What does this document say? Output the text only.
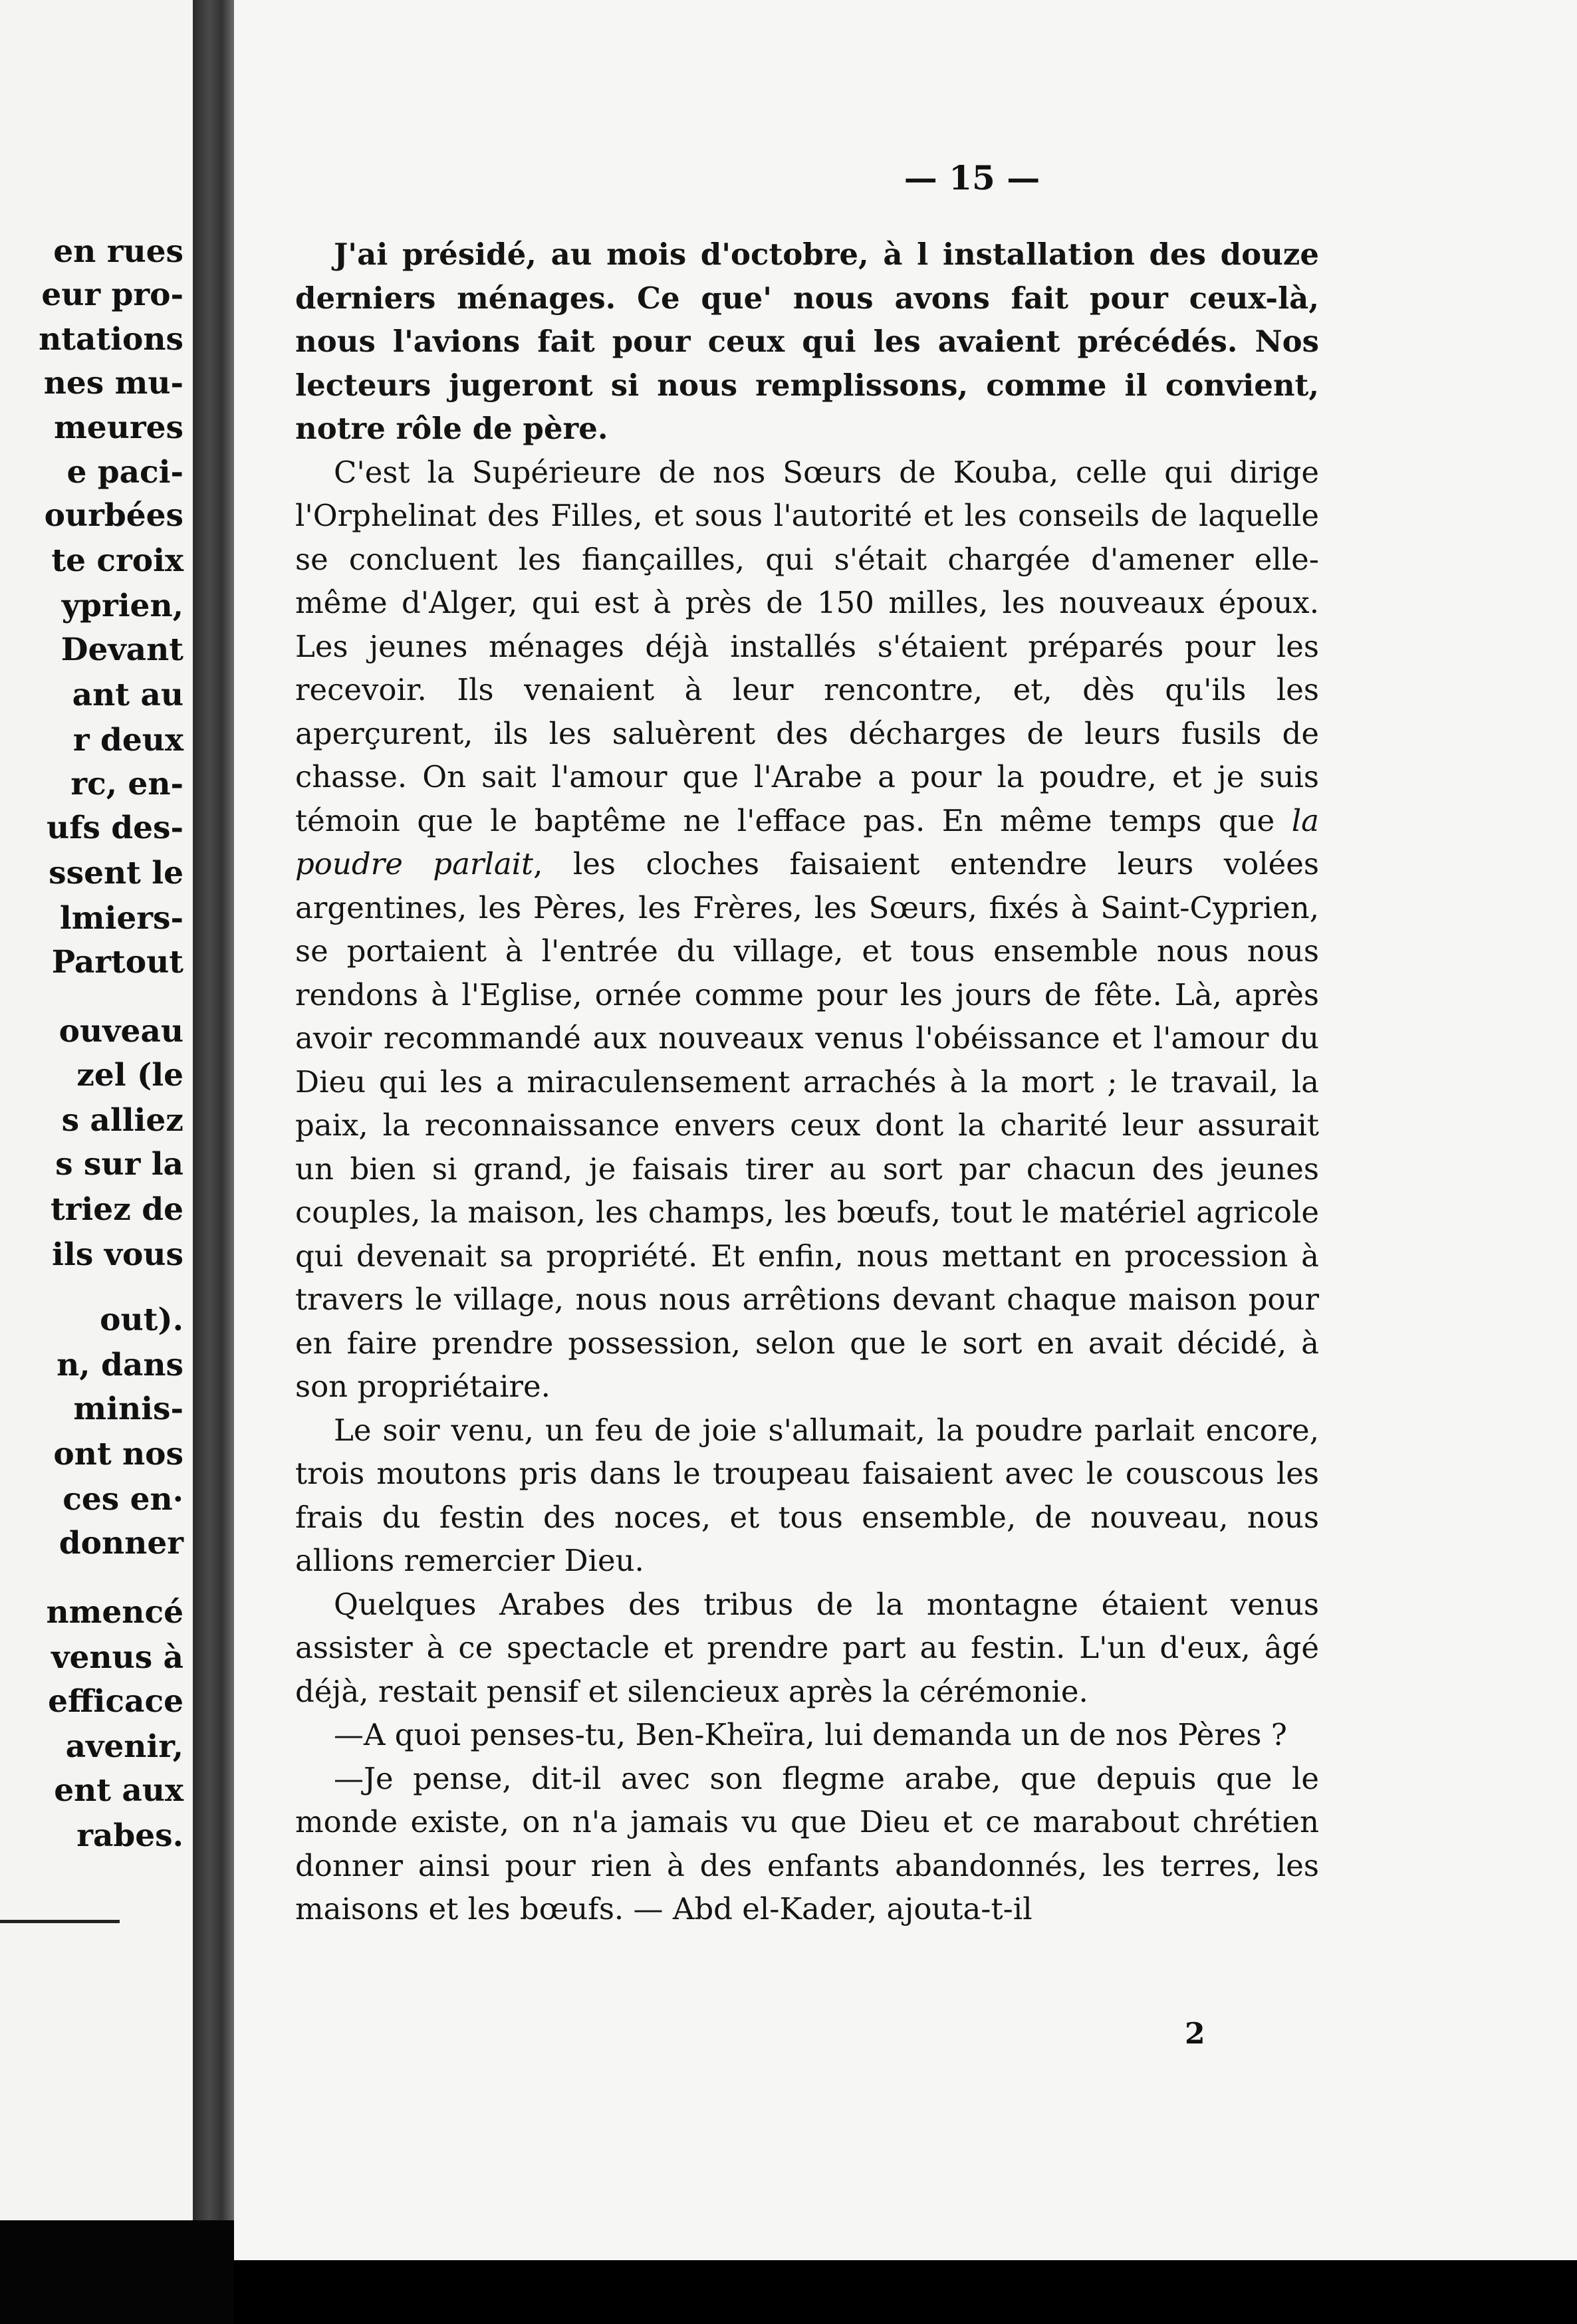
en rues
eur pro-
ntations
nes mu-
meures
e paci-
ourbées
te croix
yprien,
Devant
ant au
r deux
rc, en-
ufs des-
ssent le
lmiers-
Partout
ouveau
zel (le
s alliez
s sur la
triez de
ils vous
out).
n, dans
minis-
ont nos
ces en·
donner
nmencé
venus à
efficace
avenir,
ent aux
rabes.
— 15 —

J'ai présidé, au mois d'octobre, à l installation des douze derniers ménages. Ce que' nous avons fait pour ceux-là, nous l'avions fait pour ceux qui les avaient précédés. Nos lecteurs jugeront si nous remplissons, comme il convient, notre rôle de père.

C'est la Supérieure de nos Sœurs de Kouba, celle qui dirige l'Orphelinat des Filles, et sous l'autorité et les conseils de laquelle se concluent les fiançailles, qui s'était chargée d'amener elle-même d'Alger, qui est à près de 150 milles, les nouveaux époux. Les jeunes ménages déjà installés s'étaient préparés pour les recevoir. Ils venaient à leur rencontre, et, dès qu'ils les aperçurent, ils les saluèrent des décharges de leurs fusils de chasse. On sait l'amour que l'Arabe a pour la poudre, et je suis témoin que le baptême ne l'efface pas. En même temps que la poudre parlait, les cloches faisaient entendre leurs volées argentines, les Pères, les Frères, les Sœurs, fixés à Saint-Cyprien, se portaient à l'entrée du village, et tous ensemble nous nous rendons à l'Eglise, ornée comme pour les jours de fête. Là, après avoir recommandé aux nouveaux venus l'obéissance et l'amour du Dieu qui les a miraculensement arrachés à la mort ; le travail, la paix, la reconnaissance envers ceux dont la charité leur assurait un bien si grand, je faisais tirer au sort par chacun des jeunes couples, la maison, les champs, les bœufs, tout le matériel agricole qui devenait sa propriété. Et enfin, nous mettant en procession à travers le village, nous nous arrêtions devant chaque maison pour en faire prendre possession, selon que le sort en avait décidé, à son propriétaire.

Le soir venu, un feu de joie s'allumait, la poudre parlait encore, trois moutons pris dans le troupeau faisaient avec le couscous les frais du festin des noces, et tous ensemble, de nouveau, nous allions remercier Dieu.

Quelques Arabes des tribus de la montagne étaient venus assister à ce spectacle et prendre part au festin. L'un d'eux, âgé déjà, restait pensif et silencieux après la cérémonie.

—A quoi penses-tu, Ben-Kheïra, lui demanda un de nos Pères ?

—Je pense, dit-il avec son flegme arabe, que depuis que le monde existe, on n'a jamais vu que Dieu et ce marabout chrétien donner ainsi pour rien à des enfants abandonnés, les terres, les maisons et les bœufs. — Abd el-Kader, ajouta-t-il

2
